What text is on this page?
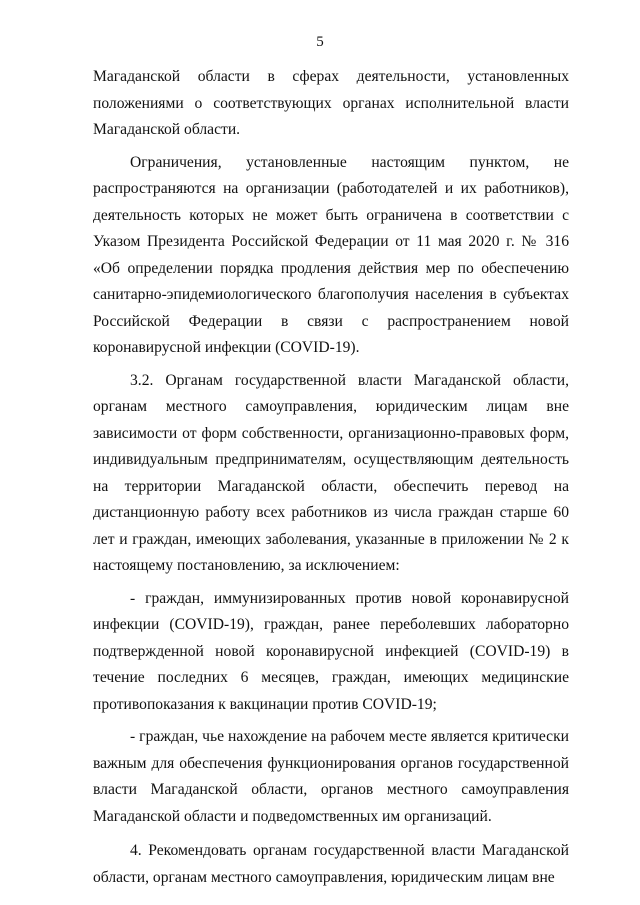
5

Магаданской области в сферах деятельности, установленных положениями о соответствующих органах исполнительной власти Магаданской области.

Ограничения, установленные настоящим пунктом, не распространяются на организации (работодателей и их работников), деятельность которых не может быть ограничена в соответствии с Указом Президента Российской Федерации от 11 мая 2020 г. № 316 «Об определении порядка продления действия мер по обеспечению санитарно-эпидемиологического благополучия населения в субъектах Российской Федерации в связи с распространением новой коронавирусной инфекции (COVID-19).

3.2. Органам государственной власти Магаданской области, органам местного самоуправления, юридическим лицам вне зависимости от форм собственности, организационно-правовых форм, индивидуальным предпринимателям, осуществляющим деятельность на территории Магаданской области, обеспечить перевод на дистанционную работу всех работников из числа граждан старше 60 лет и граждан, имеющих заболевания, указанные в приложении № 2 к настоящему постановлению, за исключением:

- граждан, иммунизированных против новой коронавирусной инфекции (COVID-19), граждан, ранее переболевших лабораторно подтвержденной новой коронавирусной инфекцией (COVID-19) в течение последних 6 месяцев, граждан, имеющих медицинские противопоказания к вакцинации против COVID-19;

- граждан, чье нахождение на рабочем месте является критически важным для обеспечения функционирования органов государственной власти Магаданской области, органов местного самоуправления Магаданской области и подведомственных им организаций.

4. Рекомендовать органам государственной власти Магаданской области, органам местного самоуправления, юридическим лицам вне
